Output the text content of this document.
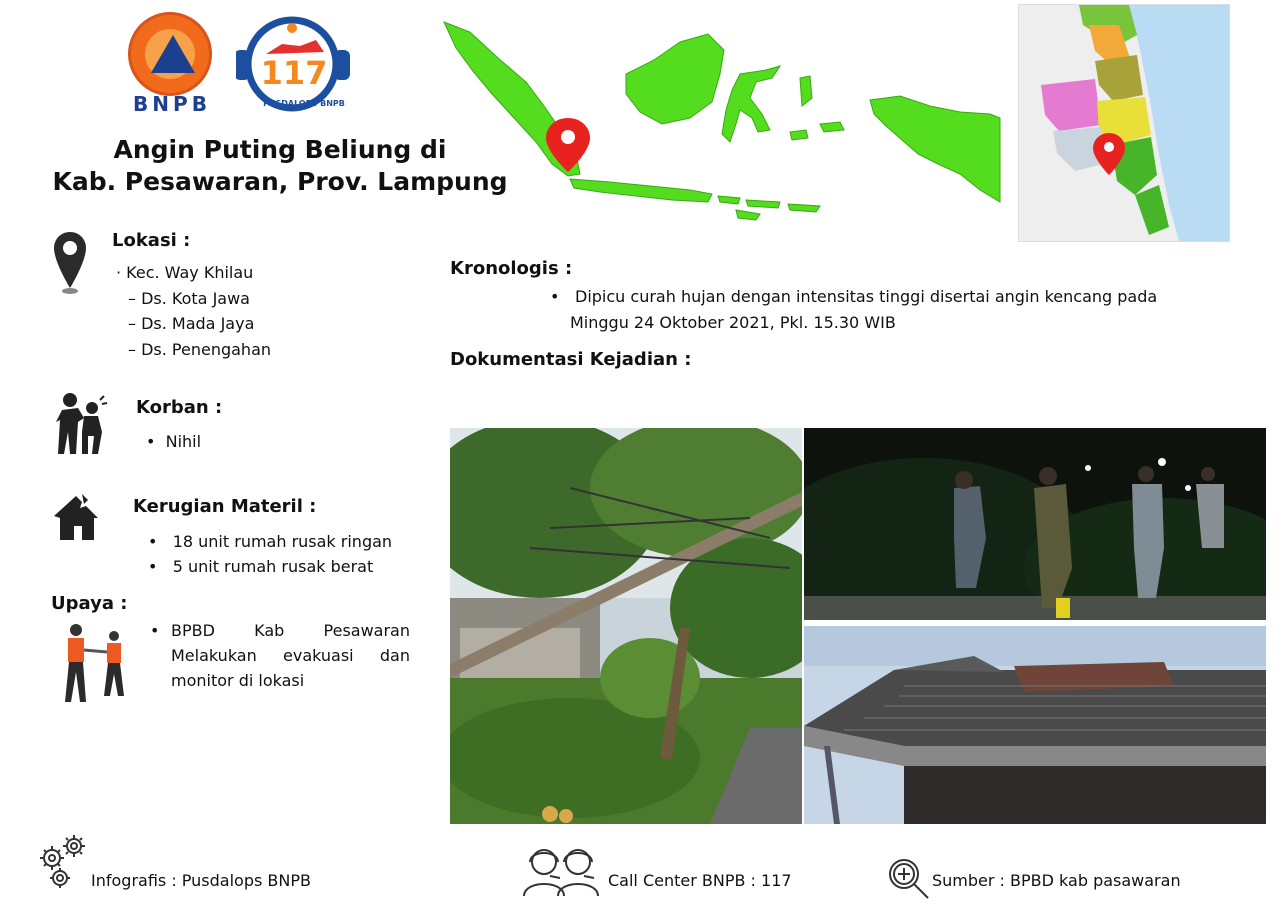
BNPB
117
PUSDALOPS BNPB
Angin Puting Beliung di
Kab. Pesawaran, Prov. Lampung
Lokasi :
· Kec. Way Khilau
– Ds. Kota Jawa
– Ds. Mada Jaya
– Ds. Penengahan
Korban :
•  Nihil
Kerugian Materil :
•   18 unit rumah rusak ringan
•   5 unit rumah rusak berat
Upaya :
• BPBD Kab Pesawaran Melakukan evakuasi dan monitor di lokasi
Kronologis :
• Dipicu curah hujan dengan intensitas tinggi disertai angin kencang pada
Minggu 24 Oktober 2021, Pkl. 15.30 WIB
Dokumentasi Kejadian :
Infografis : Pusdalops BNPB	Call Center BNPB : 117	Sumber : BPBD kab pasawaran
